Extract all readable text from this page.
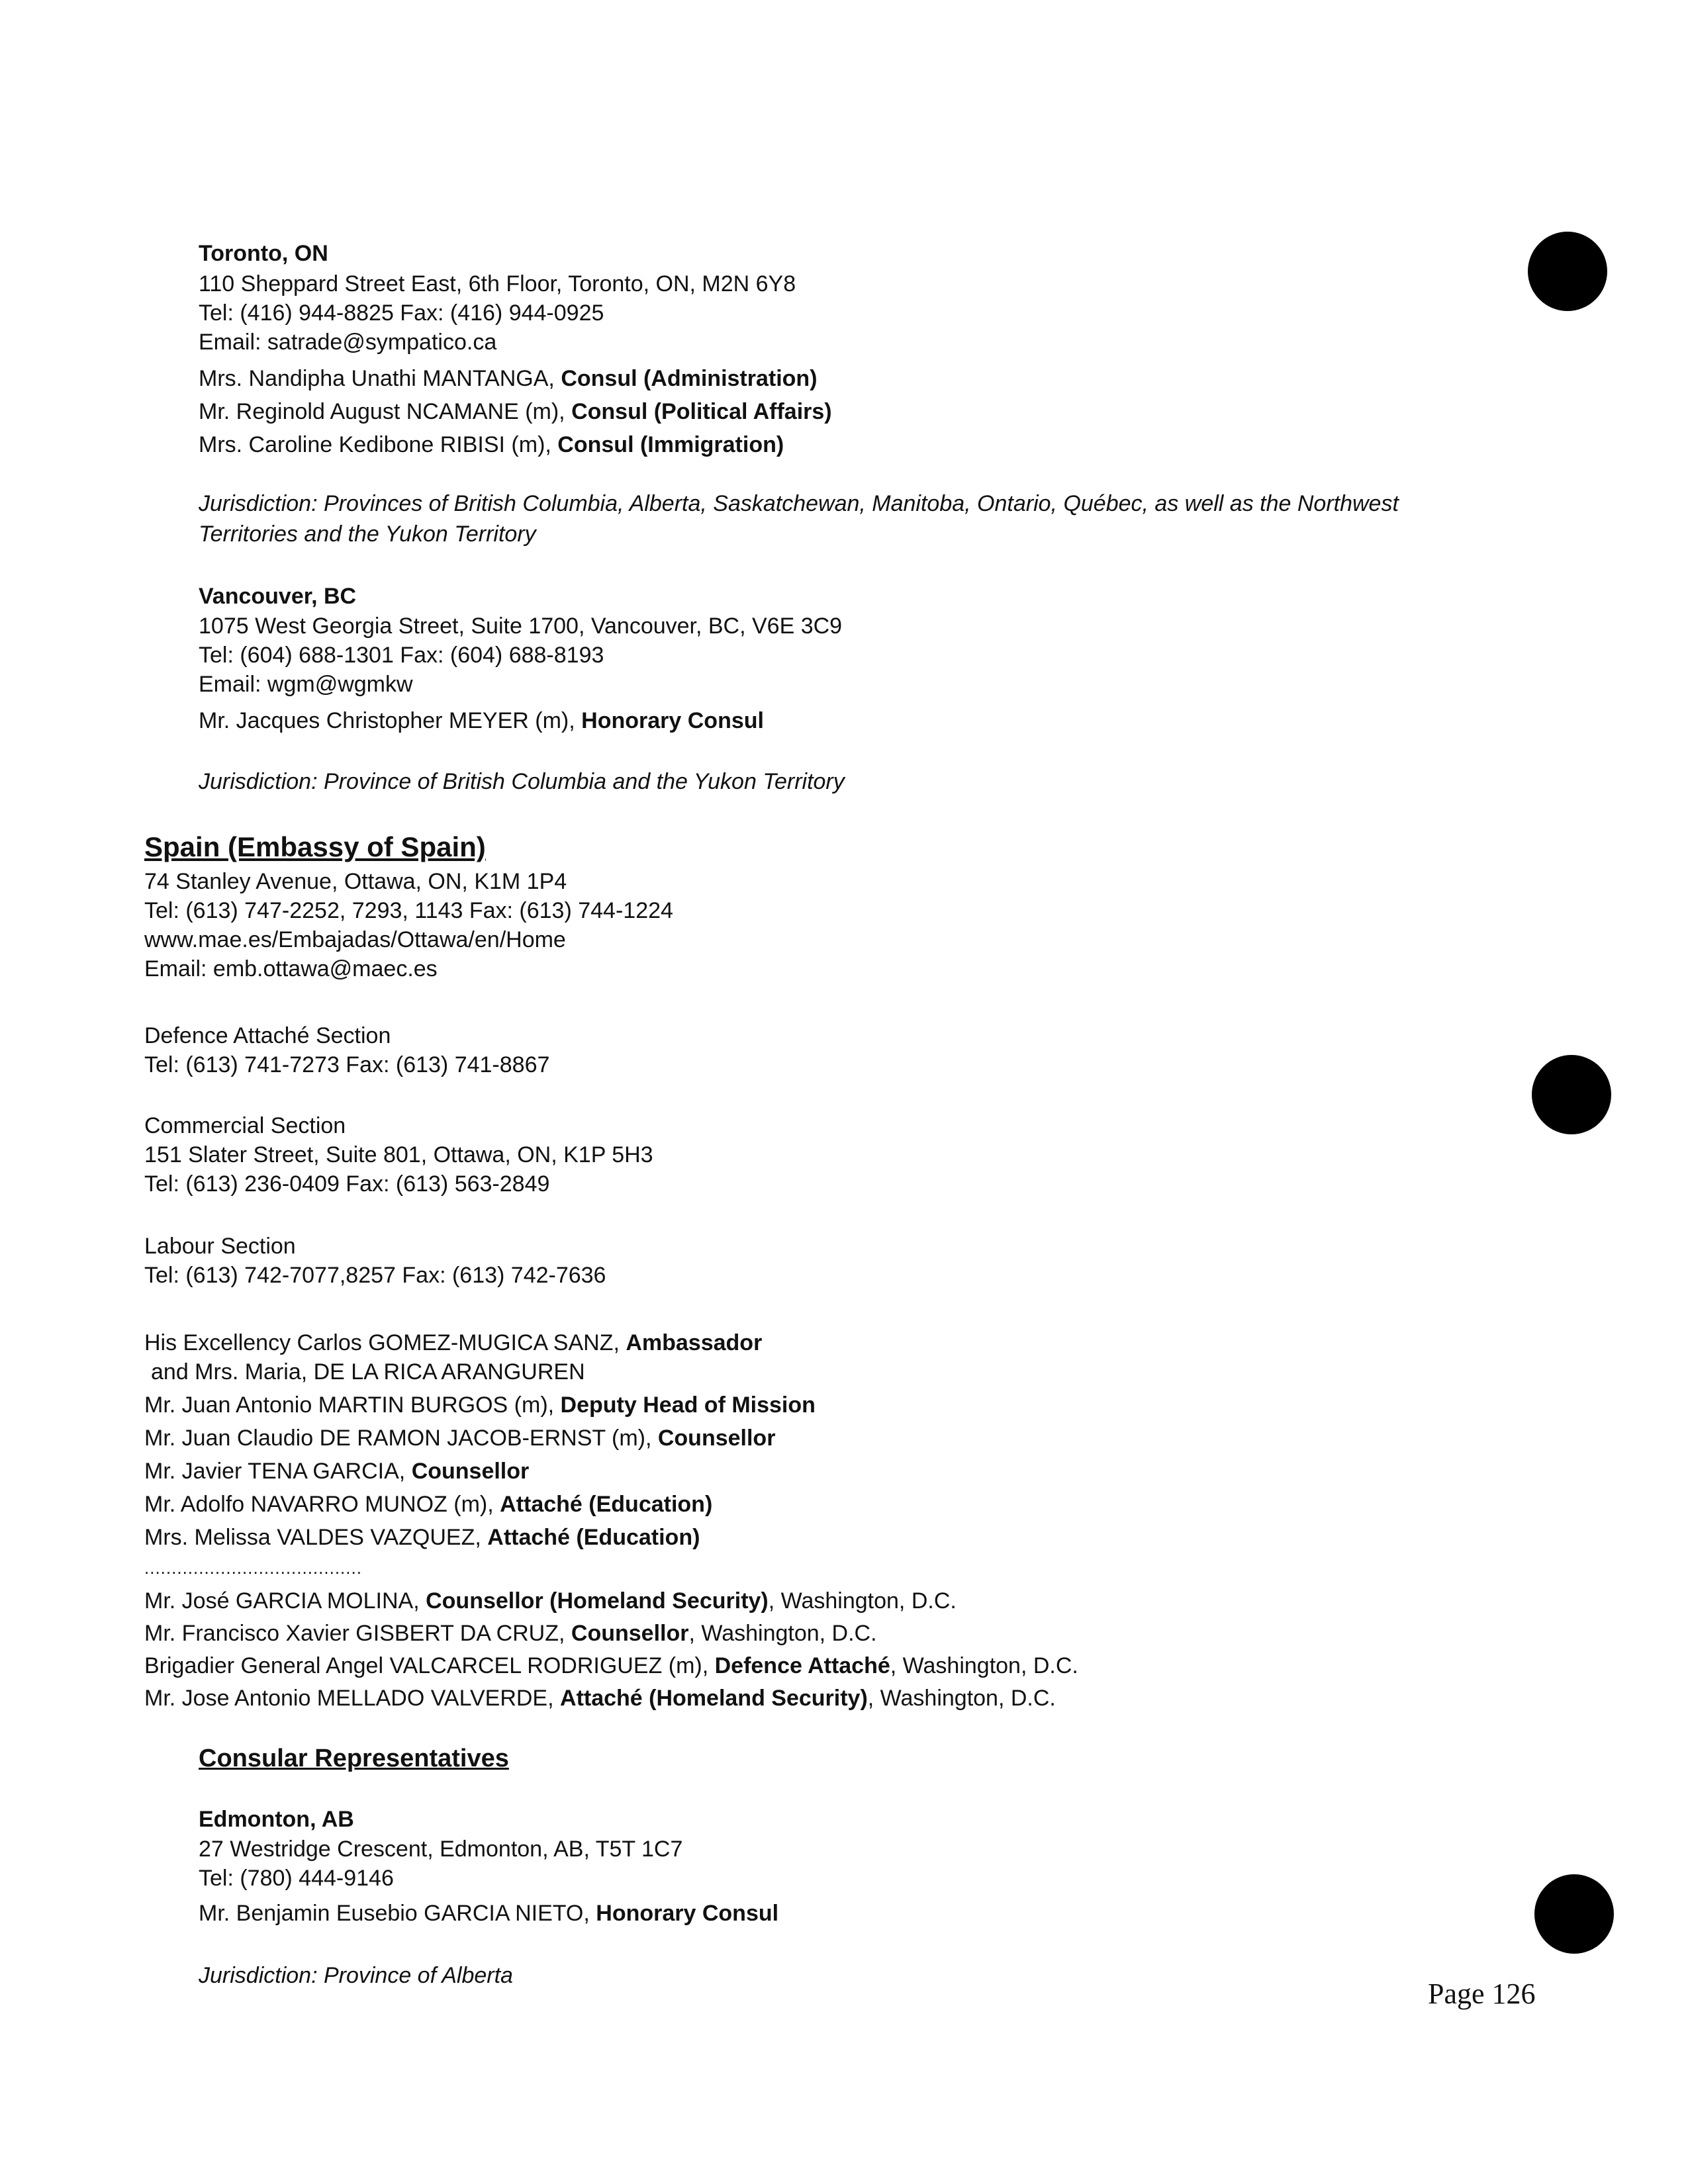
Toronto, ON
110 Sheppard Street East, 6th Floor, Toronto, ON, M2N 6Y8
Tel: (416) 944-8825 Fax: (416) 944-0925
Email: satrade@sympatico.ca
Mrs. Nandipha Unathi MANTANGA, Consul (Administration)
Mr. Reginold August NCAMANE (m), Consul (Political Affairs)
Mrs. Caroline Kedibone RIBISI (m), Consul (Immigration)
Jurisdiction: Provinces of British Columbia, Alberta, Saskatchewan, Manitoba, Ontario, Québec, as well as the Northwest
Territories and the Yukon Territory
Vancouver, BC
1075 West Georgia Street, Suite 1700, Vancouver, BC, V6E 3C9
Tel: (604) 688-1301 Fax: (604) 688-8193
Email: wgm@wgmkw
Mr. Jacques Christopher MEYER (m), Honorary Consul
Jurisdiction: Province of British Columbia and the Yukon Territory
Spain (Embassy of Spain)
74 Stanley Avenue, Ottawa, ON, K1M 1P4
Tel: (613) 747-2252, 7293, 1143 Fax: (613) 744-1224
www.mae.es/Embajadas/Ottawa/en/Home
Email: emb.ottawa@maec.es
Defence Attaché Section
Tel: (613) 741-7273 Fax: (613) 741-8867
Commercial Section
151 Slater Street, Suite 801, Ottawa, ON, K1P 5H3
Tel: (613) 236-0409 Fax: (613) 563-2849
Labour Section
Tel: (613) 742-7077,8257 Fax: (613) 742-7636
His Excellency Carlos GOMEZ-MUGICA SANZ, Ambassador
and Mrs. Maria, DE LA RICA ARANGUREN
Mr. Juan Antonio MARTIN BURGOS (m), Deputy Head of Mission
Mr. Juan Claudio DE RAMON JACOB-ERNST (m), Counsellor
Mr. Javier TENA GARCIA, Counsellor
Mr. Adolfo NAVARRO MUNOZ (m), Attaché (Education)
Mrs. Melissa VALDES VAZQUEZ, Attaché (Education)
........................................
Mr. José GARCIA MOLINA, Counsellor (Homeland Security), Washington, D.C.
Mr. Francisco Xavier GISBERT DA CRUZ, Counsellor, Washington, D.C.
Brigadier General Angel VALCARCEL RODRIGUEZ (m), Defence Attaché, Washington, D.C.
Mr. Jose Antonio MELLADO VALVERDE, Attaché (Homeland Security), Washington, D.C.
Consular Representatives
Edmonton, AB
27 Westridge Crescent, Edmonton, AB, T5T 1C7
Tel: (780) 444-9146
Mr. Benjamin Eusebio GARCIA NIETO, Honorary Consul
Jurisdiction: Province of Alberta
Page 126
